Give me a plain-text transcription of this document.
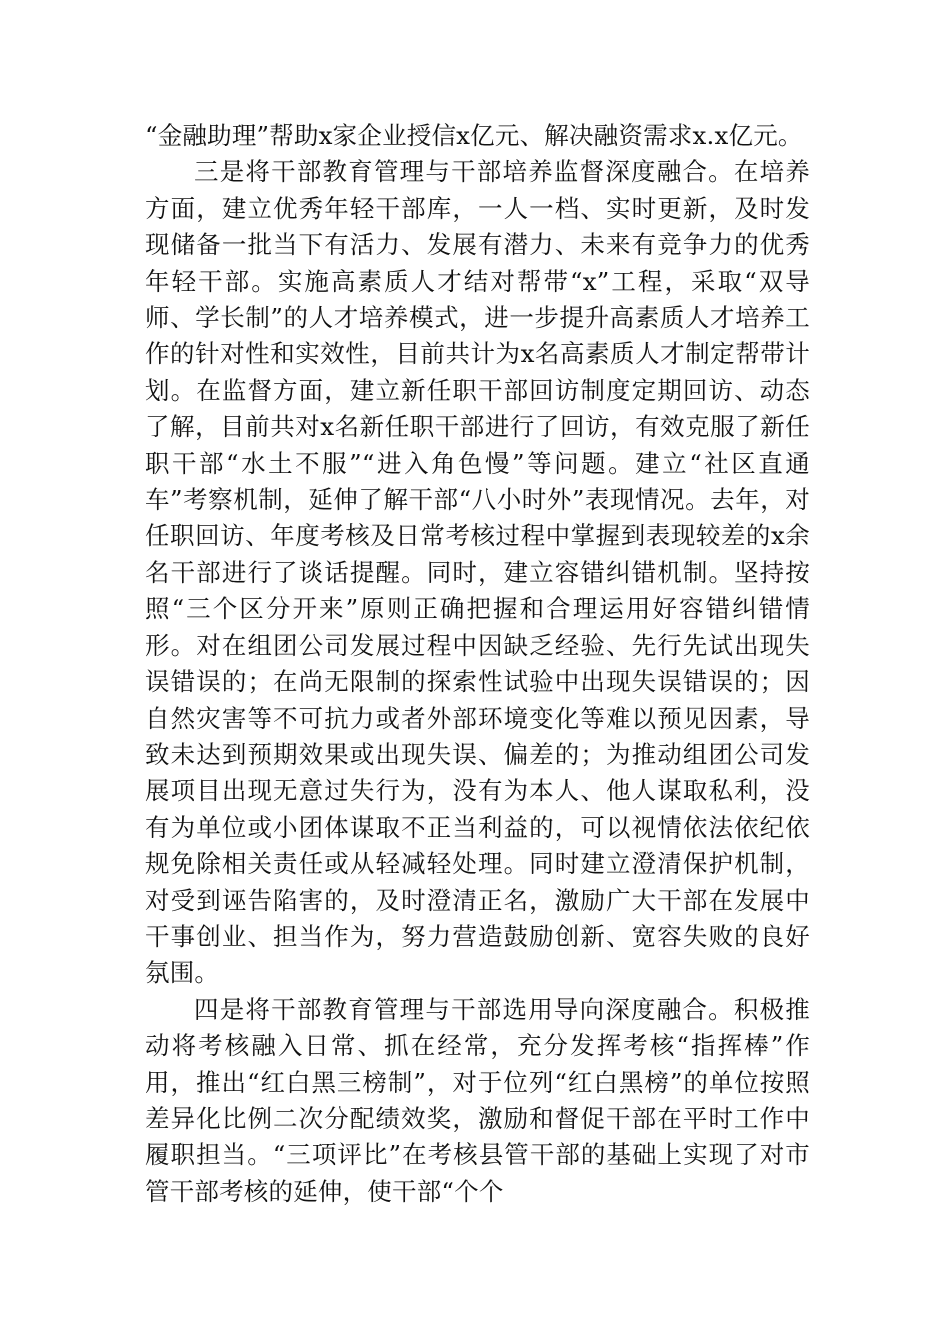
“金融助理”帮助x家企业授信x亿元、解决融资需求x.x亿元。

三是将干部教育管理与干部培养监督深度融合。在培养方面，建立优秀年轻干部库，一人一档、实时更新，及时发现储备一批当下有活力、发展有潜力、未来有竞争力的优秀年轻干部。实施高素质人才结对帮带“x”工程，采取“双导师、学长制”的人才培养模式，进一步提升高素质人才培养工作的针对性和实效性，目前共计为x名高素质人才制定帮带计划。在监督方面，建立新任职干部回访制度定期回访、动态了解，目前共对x名新任职干部进行了回访，有效克服了新任职干部“水土不服”“进入角色慢”等问题。建立“社区直通车”考察机制，延伸了解干部“八小时外”表现情况。去年，对任职回访、年度考核及日常考核过程中掌握到表现较差的x余名干部进行了谈话提醒。同时，建立容错纠错机制。坚持按照“三个区分开来”原则正确把握和合理运用好容错纠错情形。对在组团公司发展过程中因缺乏经验、先行先试出现失误错误的；在尚无限制的探索性试验中出现失误错误的；因自然灾害等不可抗力或者外部环境变化等难以预见因素，导致未达到预期效果或出现失误、偏差的；为推动组团公司发展项目出现无意过失行为，没有为本人、他人谋取私利，没有为单位或小团体谋取不正当利益的，可以视情依法依纪依规免除相关责任或从轻减轻处理。同时建立澄清保护机制，对受到诬告陷害的，及时澄清正名，激励广大干部在发展中干事创业、担当作为，努力营造鼓励创新、宽容失败的良好氛围。

四是将干部教育管理与干部选用导向深度融合。积极推动将考核融入日常、抓在经常，充分发挥考核“指挥棒”作用，推出“红白黑三榜制”，对于位列“红白黑榜”的单位按照差异化比例二次分配绩效奖，激励和督促干部在平时工作中履职担当。“三项评比”在考核县管干部的基础上实现了对市管干部考核的延伸，使干部“个个
